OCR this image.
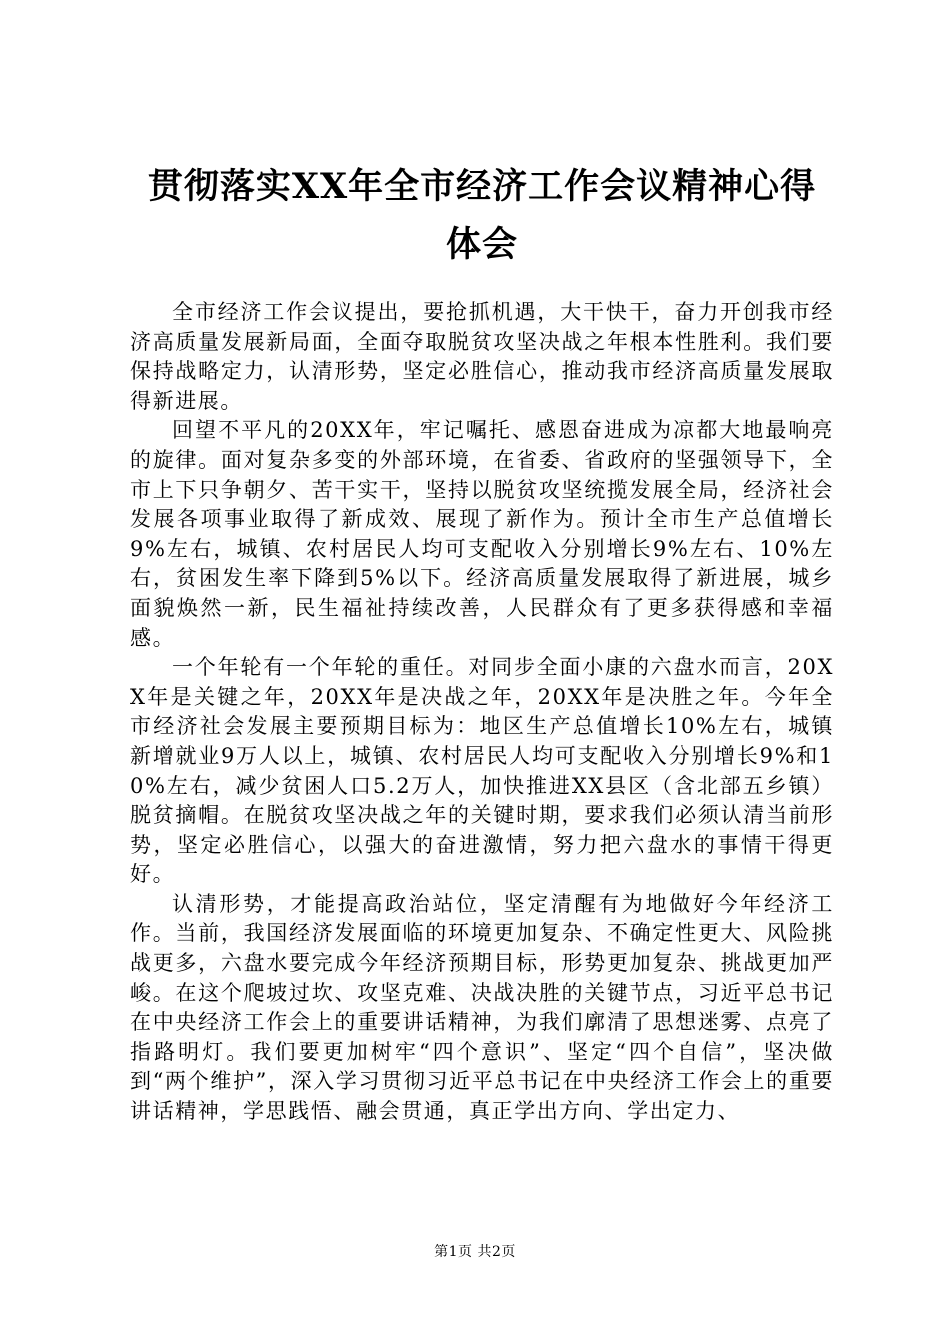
贯彻落实XX年全市经济工作会议精神心得体会

全市经济工作会议提出，要抢抓机遇，大干快干，奋力开创我市经济高质量发展新局面，全面夺取脱贫攻坚决战之年根本性胜利。我们要保持战略定力，认清形势，坚定必胜信心，推动我市经济高质量发展取得新进展。

回望不平凡的20XX年，牢记嘱托、感恩奋进成为凉都大地最响亮的旋律。面对复杂多变的外部环境，在省委、省政府的坚强领导下，全市上下只争朝夕、苦干实干，坚持以脱贫攻坚统揽发展全局，经济社会发展各项事业取得了新成效、展现了新作为。预计全市生产总值增长9%左右，城镇、农村居民人均可支配收入分别增长9%左右、10%左右，贫困发生率下降到5%以下。经济高质量发展取得了新进展，城乡面貌焕然一新，民生福祉持续改善，人民群众有了更多获得感和幸福感。

一个年轮有一个年轮的重任。对同步全面小康的六盘水而言，20XX年是关键之年，20XX年是决战之年，20XX年是决胜之年。今年全市经济社会发展主要预期目标为：地区生产总值增长10%左右，城镇新增就业9万人以上，城镇、农村居民人均可支配收入分别增长9%和10%左右，减少贫困人口5.2万人，加快推进XX县区（含北部五乡镇）脱贫摘帽。在脱贫攻坚决战之年的关键时期，要求我们必须认清当前形势，坚定必胜信心，以强大的奋进激情，努力把六盘水的事情干得更好。

认清形势，才能提高政治站位，坚定清醒有为地做好今年经济工作。当前，我国经济发展面临的环境更加复杂、不确定性更大、风险挑战更多，六盘水要完成今年经济预期目标，形势更加复杂、挑战更加严峻。在这个爬坡过坎、攻坚克难、决战决胜的关键节点，习近平总书记在中央经济工作会上的重要讲话精神，为我们廓清了思想迷雾、点亮了指路明灯。我们要更加树牢“四个意识”、坚定“四个自信”，坚决做到“两个维护”，深入学习贯彻习近平总书记在中央经济工作会上的重要讲话精神，学思践悟、融会贯通，真正学出方向、学出定力、

第1页 共2页
